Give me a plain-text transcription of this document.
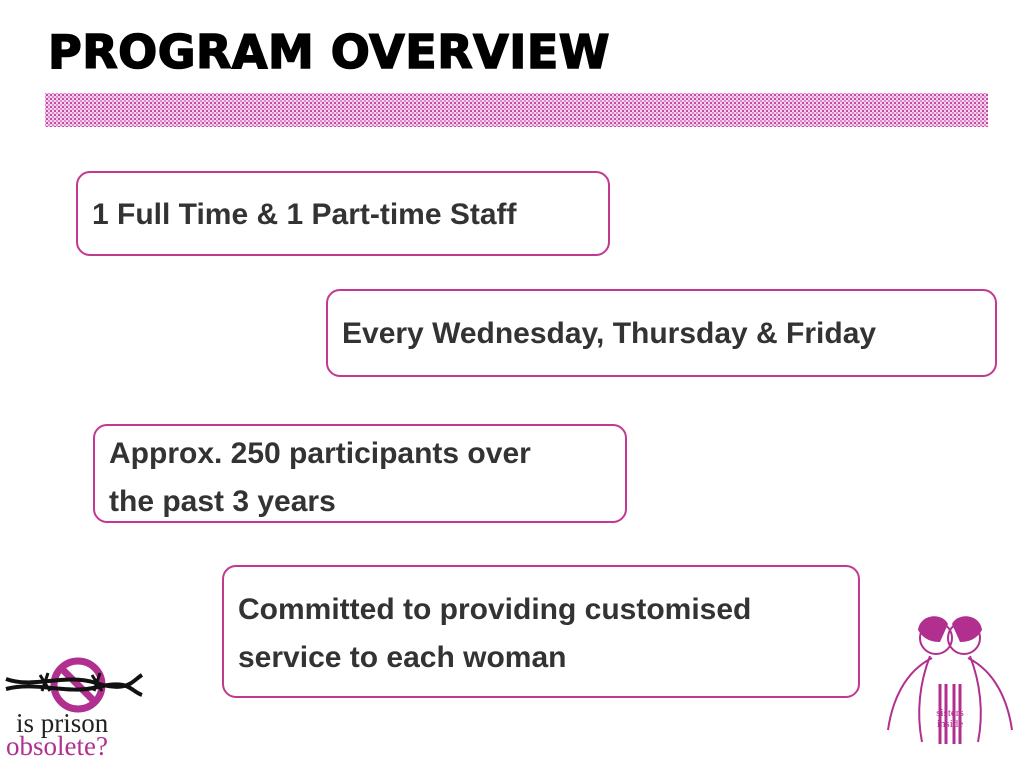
PROGRAM OVERVIEW
1 Full Time & 1 Part-time Staff
Every Wednesday, Thursday & Friday
Approx. 250 participants over
the past 3 years
Committed to providing customised
service to each woman
is prison
obsolete?
sisters
inside
